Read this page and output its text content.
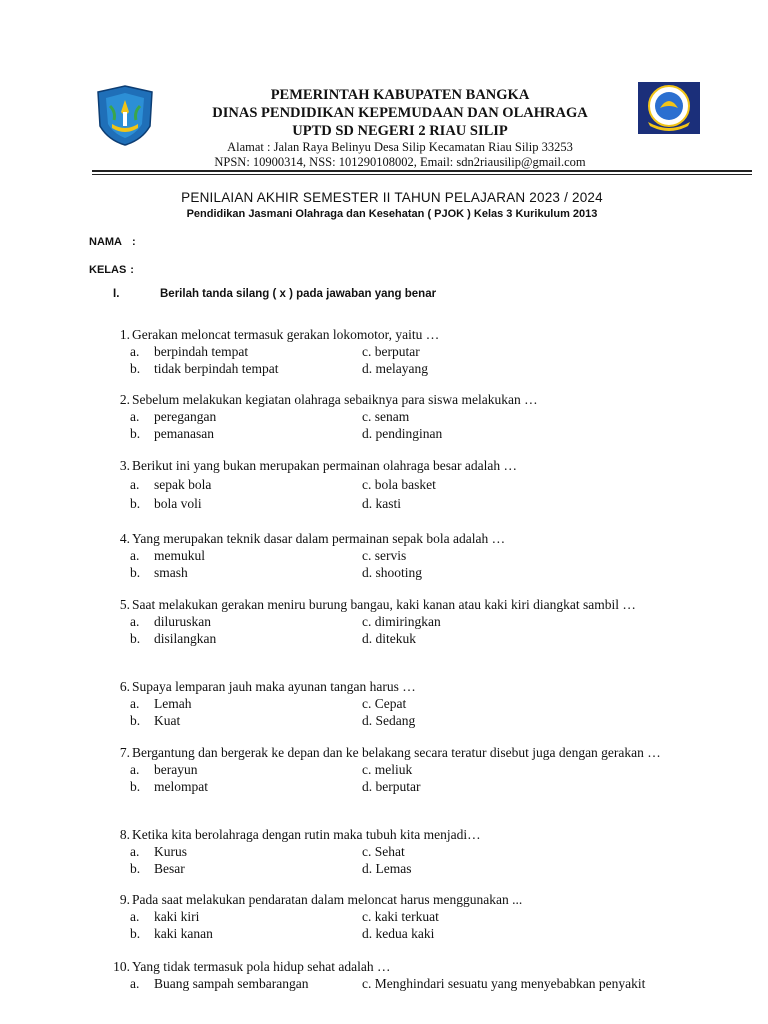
PEMERINTAH KABUPATEN BANGKA
DINAS PENDIDIKAN KEPEMUDAAN DAN OLAHRAGA
UPTD SD NEGERI 2 RIAU SILIP
Alamat : Jalan Raya Belinyu Desa Silip Kecamatan Riau Silip 33253
NPSN: 10900314, NSS: 101290108002, Email: sdn2riausilip@gmail.com
PENILAIAN AKHIR SEMESTER II TAHUN PELAJARAN 2023 / 2024
Pendidikan Jasmani Olahraga dan Kesehatan ( PJOK ) Kelas 3 Kurikulum 2013
NAMA :
KELAS :
I.	Berilah tanda silang ( x ) pada jawaban yang benar
1. Gerakan meloncat termasuk gerakan lokomotor, yaitu …
a. berpindah tempat
b. tidak berpindah tempat
c. berputar
d. melayang
2. Sebelum melakukan kegiatan olahraga sebaiknya para siswa melakukan …
a. peregangan
b. pemanasan
c. senam
d. pendinginan
3. Berikut ini yang bukan merupakan permainan olahraga besar adalah …
a. sepak bola
b. bola voli
c. bola basket
d. kasti
4. Yang merupakan teknik dasar dalam permainan sepak bola adalah …
a. memukul
b. smash
c. servis
d. shooting
5. Saat melakukan gerakan meniru burung bangau, kaki kanan atau kaki kiri diangkat sambil …
a. diluruskan
b. disilangkan
c. dimiringkan
d. ditekuk
6. Supaya lemparan jauh maka ayunan tangan harus …
a. Lemah
b. Kuat
c. Cepat
d. Sedang
7. Bergantung dan bergerak ke depan dan ke belakang secara teratur disebut juga dengan gerakan …
a. berayun
b. melompat
c. meliuk
d. berputar
8. Ketika kita berolahraga dengan rutin maka tubuh kita menjadi…
a. Kurus
b. Besar
c. Sehat
d. Lemas
9. Pada saat melakukan pendaratan dalam meloncat harus menggunakan ...
a. kaki kiri
b. kaki kanan
c. kaki terkuat
d. kedua kaki
10. Yang tidak termasuk pola hidup sehat adalah …
a. Buang sampah sembarangan	c. Menghindari sesuatu yang menyebabkan penyakit
